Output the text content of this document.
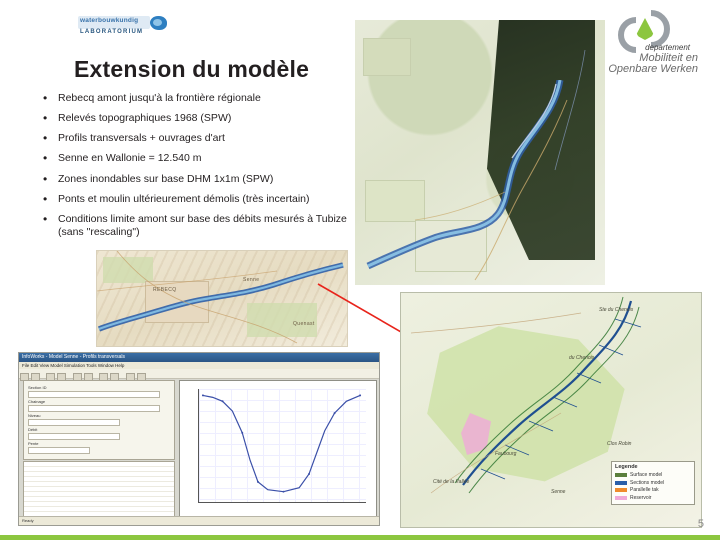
waterbouwkundig
LABORATORIUM
departement
Mobiliteit en
Openbare Werken
Extension du modèle
• Rebecq amont jusqu'à la frontière régionale
• Relevés topographiques 1968 (SPW)
• Profils transversals + ouvrages d'art
• Senne en Wallonie = 12.540 m
• Zones inondables sur base DHM 1x1m (SPW)
• Ponts et moulin ultérieurement démolis (très incertain)
• Conditions limite amont sur base des débits mesurés à Tubize (sans "rescaling")
REBECQ
Senne
Quenast
Ste du Chenois
du Chenois
Faubourg
Clos Robin
Cité de la Vallée
Senne
Legende
Surface model
Sections model
Parallelle tak
Reservoir
InfoWorks - Model Senne - Profils transversals
File Edit View Model Simulation Tools Window Help

Section ID
Chainage
Niveau
Débit
Pente
Ready	5
